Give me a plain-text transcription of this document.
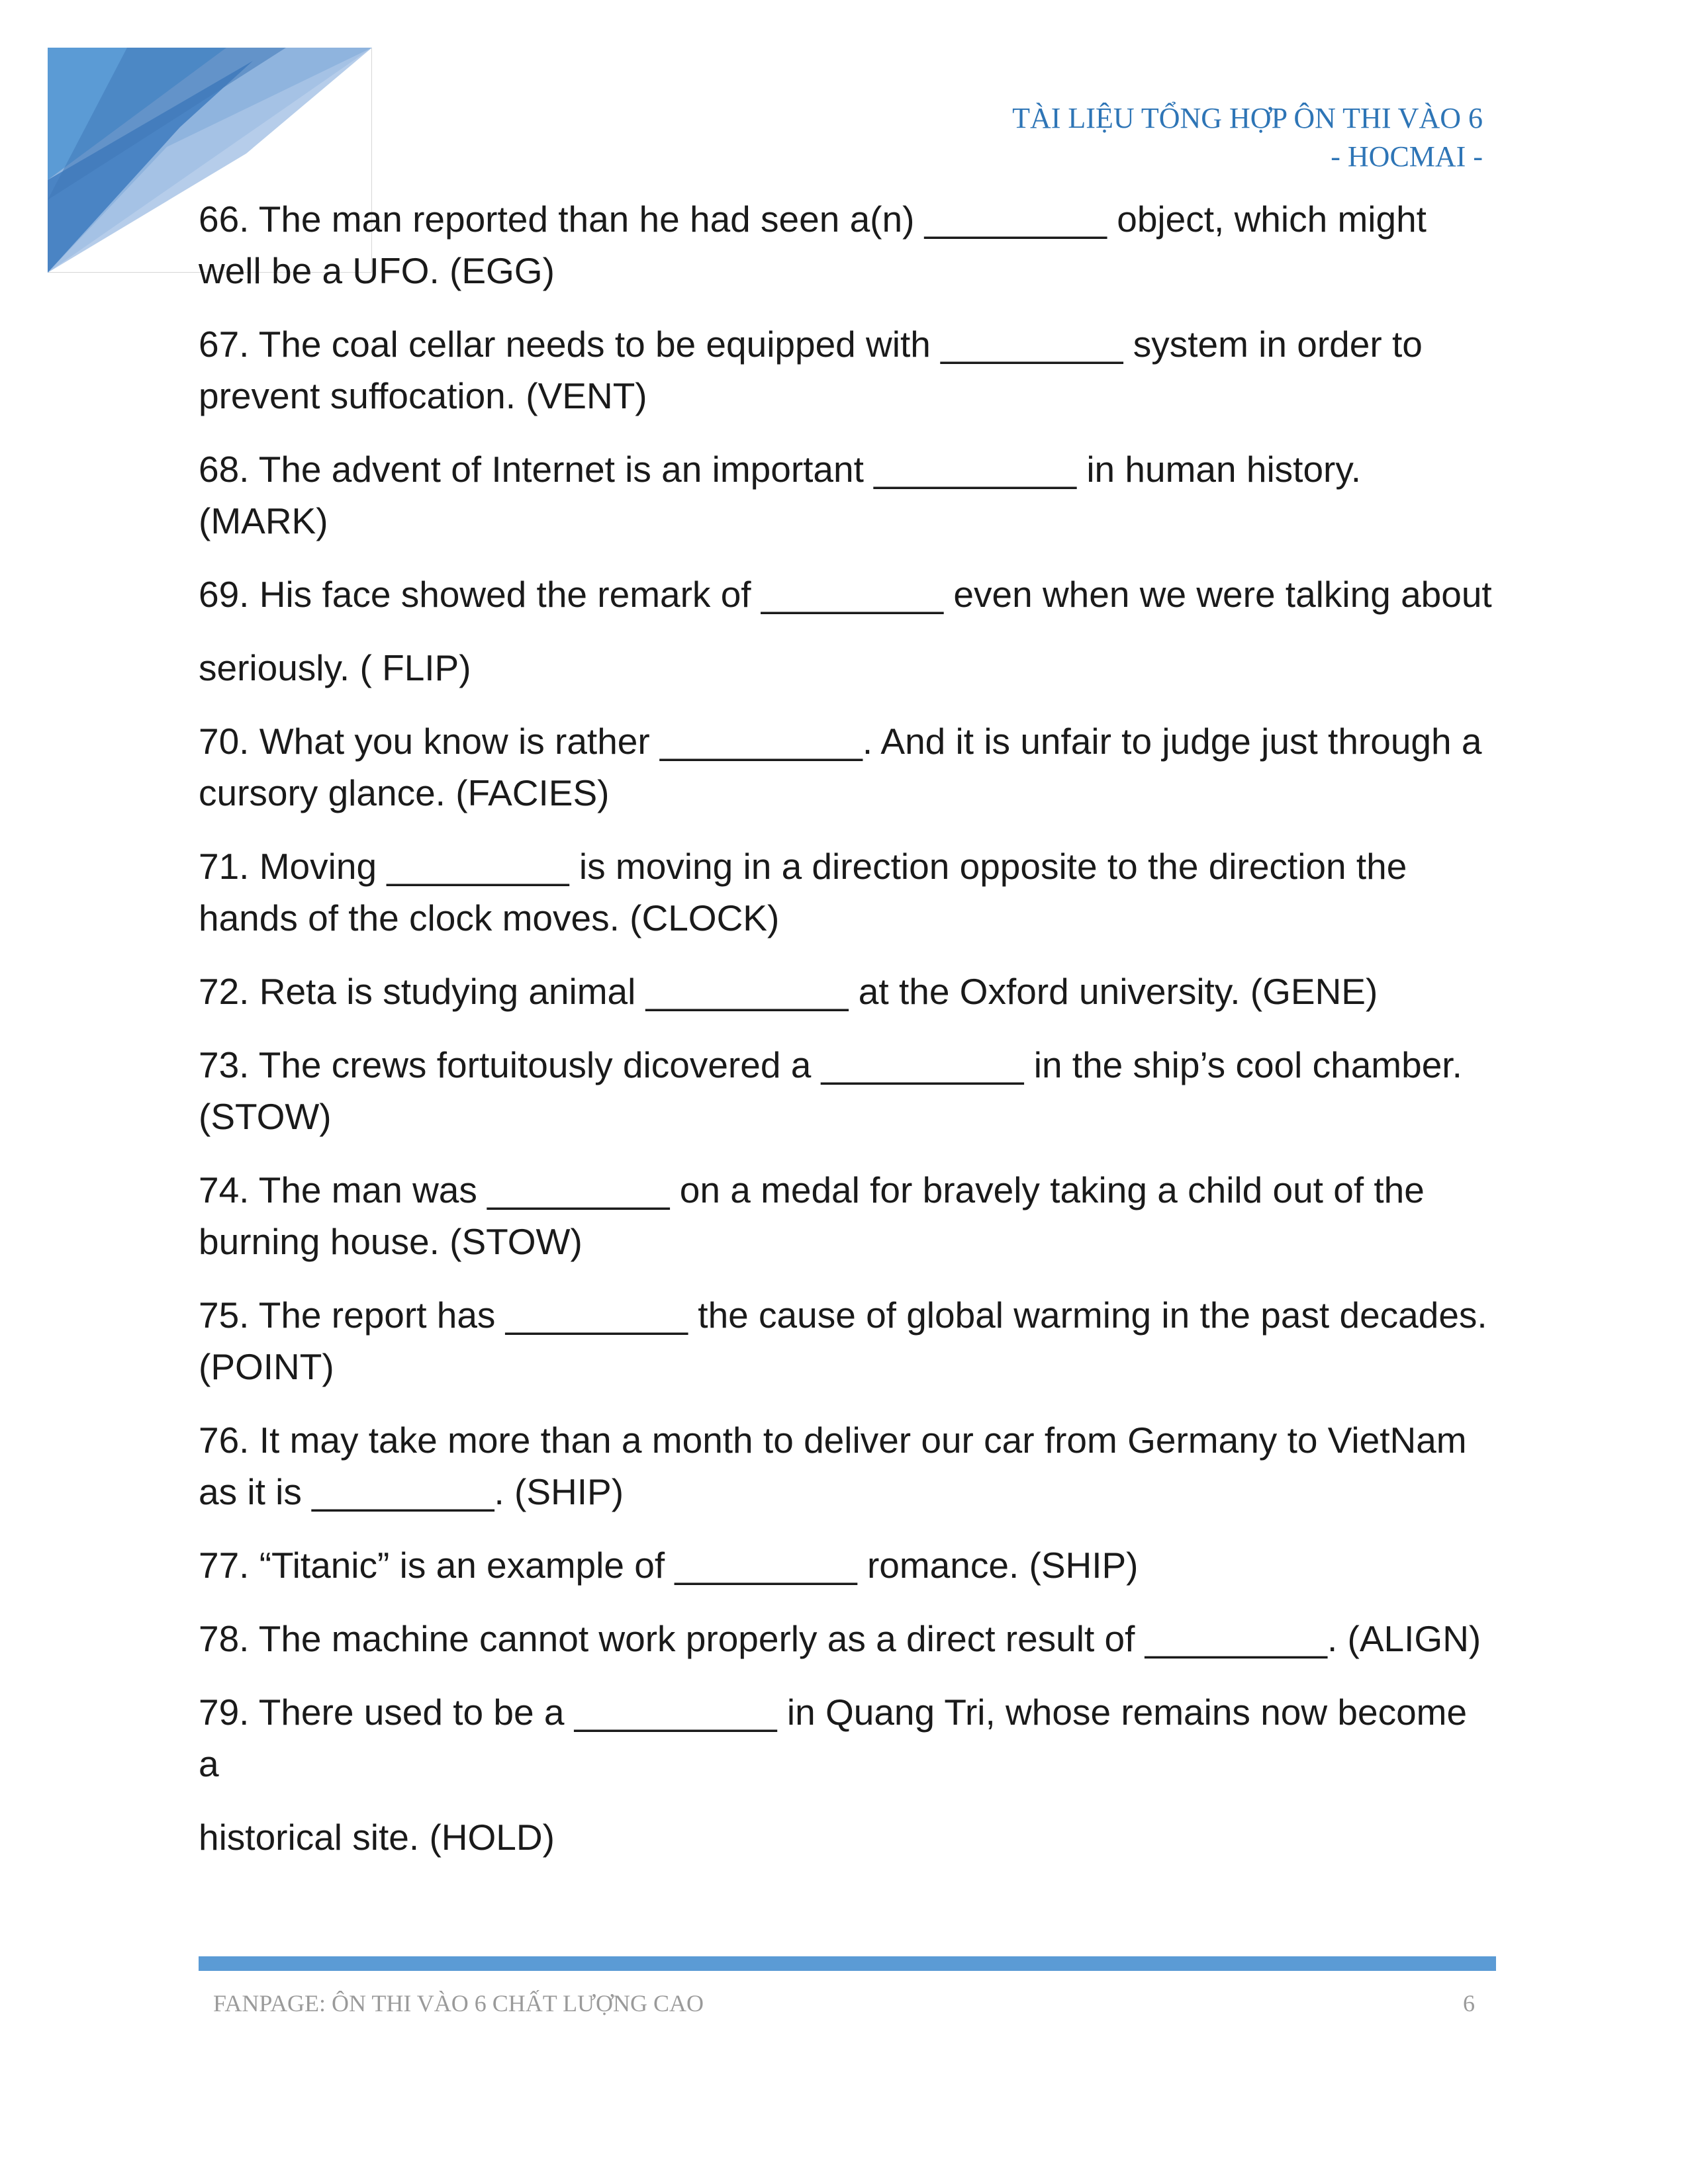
TÀI LIỆU TỔNG HỢP ÔN THI VÀO 6
- HOCMAI -

66. The man reported than he had seen a(n) _________ object, which might well be a UFO. (EGG)

67. The coal cellar needs to be equipped with _________ system in order to prevent suffocation. (VENT)

68. The advent of Internet is an important __________ in human history. (MARK)

69. His face showed the remark of _________ even when we were talking about

seriously. ( FLIP)

70. What you know is rather __________. And it is unfair to judge just through a cursory glance. (FACIES)

71. Moving _________ is moving in a direction opposite to the direction the hands of the clock moves. (CLOCK)

72. Reta is studying animal __________ at the Oxford university. (GENE)

73. The crews fortuitously dicovered a __________ in the ship’s cool chamber. (STOW)

74. The man was _________ on a medal for bravely taking a child out of the burning house. (STOW)

75. The report has _________ the cause of global warming in the past decades. (POINT)

76. It may take more than a month to deliver our car from Germany to VietNam as it is _________. (SHIP)

77. “Titanic” is an example of _________ romance. (SHIP)

78. The machine cannot work properly as a direct result of _________. (ALIGN)

79. There used to be a __________ in Quang Tri, whose remains now become a

historical site. (HOLD)

FANPAGE: ÔN THI VÀO 6 CHẤT LƯỢNG CAO	6
